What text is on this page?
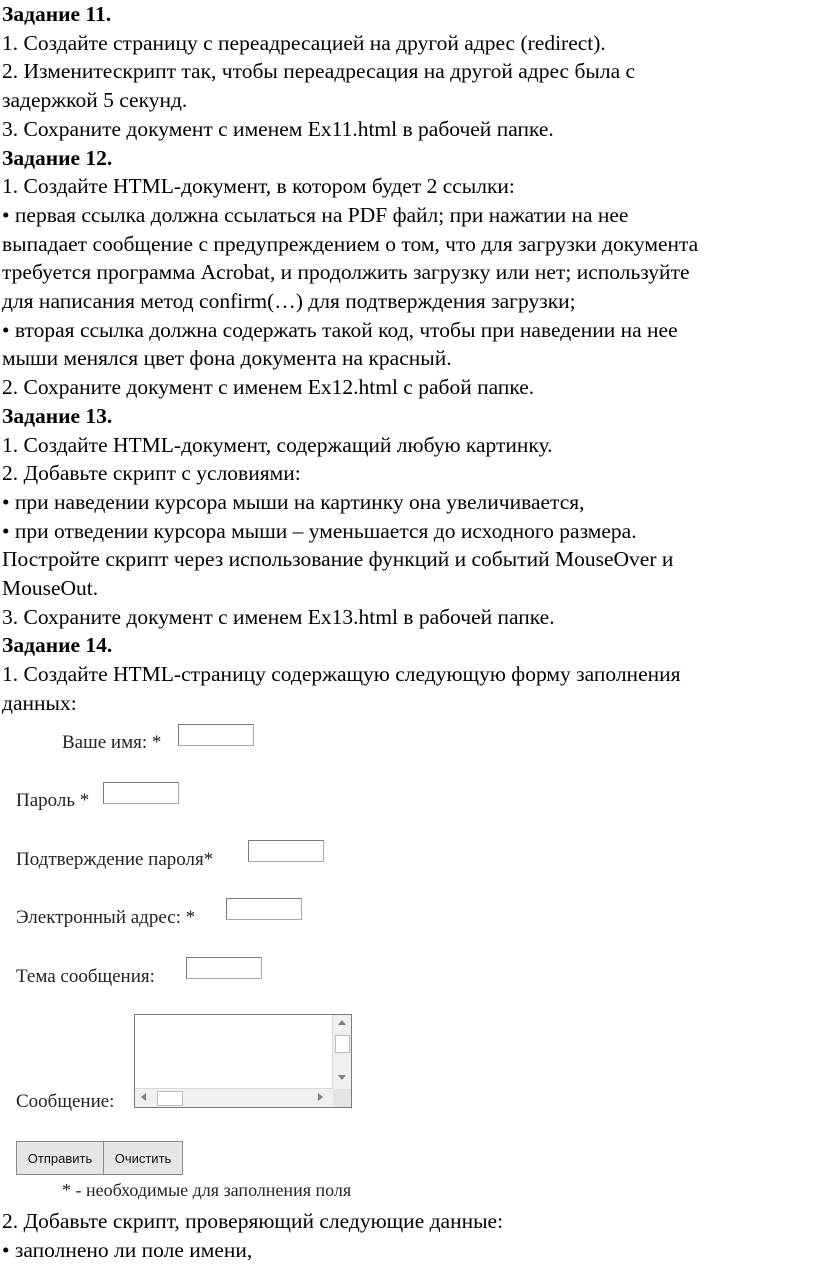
Задание 11.
1. Создайте страницу с переадресацией на другой адрес (redirect).
2. Изменитескрипт так, чтобы переадресация на другой адрес была с
задержкой 5 секунд.
3. Сохраните документ с именем Ex11.html в рабочей папке.
Задание 12.
1. Создайте HTML-документ, в котором будет 2 ссылки:
• первая ссылка должна ссылаться на PDF файл; при нажатии на нее
выпадает сообщение с предупреждением о том, что для загрузки документа
требуется программа Acrobat, и продолжить загрузку или нет; используйте
для написания метод confirm(…) для подтверждения загрузки;
• вторая ссылка должна содержать такой код, чтобы при наведении на нее
мыши менялся цвет фона документа на красный.
2. Сохраните документ с именем Ex12.html с рабой папке.
Задание 13.
1. Создайте HTML-документ, содержащий любую картинку.
2. Добавьте скрипт с условиями:
• при наведении курсора мыши на картинку она увеличивается,
• при отведении курсора мыши – уменьшается до исходного размера.
Постройте скрипт через использование функций и событий MouseOver и
MouseOut.
3. Сохраните документ с именем Ex13.html в рабочей папке.
Задание 14.
1. Создайте HTML-страницу содержащую следующую форму заполнения
данных:
Ваше имя: *
Пароль *
Подтверждение пароля*
Электронный адрес: *
Тема сообщения:
Сообщение:
Отправить	Очистить
* - необходимые для заполнения поля
2. Добавьте скрипт, проверяющий следующие данные:
• заполнено ли поле имени,
